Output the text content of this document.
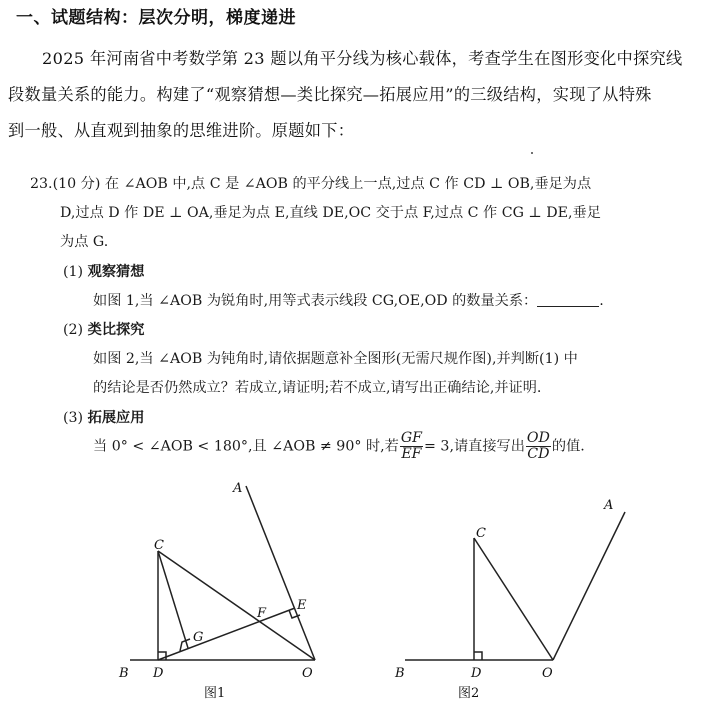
一、试题结构：层次分明，梯度递进
2025 年河南省中考数学第 23 题以角平分线为核心载体，考查学生在图形变化中探究线
段数量关系的能力。构建了“观察猜想—类比探究—拓展应用”的三级结构，实现了从特殊
到一般、从直观到抽象的思维进阶。原题如下：
23.(10 分) 在 ∠AOB 中,点 C 是 ∠AOB 的平分线上一点,过点 C 作 CD ⊥ OB,垂足为点
D,过点 D 作 DE ⊥ OA,垂足为点 E,直线 DE,OC 交于点 F,过点 C 作 CG ⊥ DE,垂足
为点 G.
(1) 观察猜想
如图 1,当 ∠AOB 为锐角时,用等式表示线段 CG,OE,OD 的数量关系：	.
(2) 类比探究
如图 2,当 ∠AOB 为钝角时,请依据题意补全图形(无需尺规作图),并判断(1) 中
的结论是否仍然成立？若成立,请证明;若不成立,请写出正确结论,并证明.
(3) 拓展应用
当 0° < ∠AOB < 180°,且 ∠AOB ≠ 90° 时,若 $\frac{GF}{EF} = 3$,请直接写出 $\frac{OD}{CD}$ 的值.
A
B
C
D
E
F
G
O
A
B
C
D	O
图1	图2
